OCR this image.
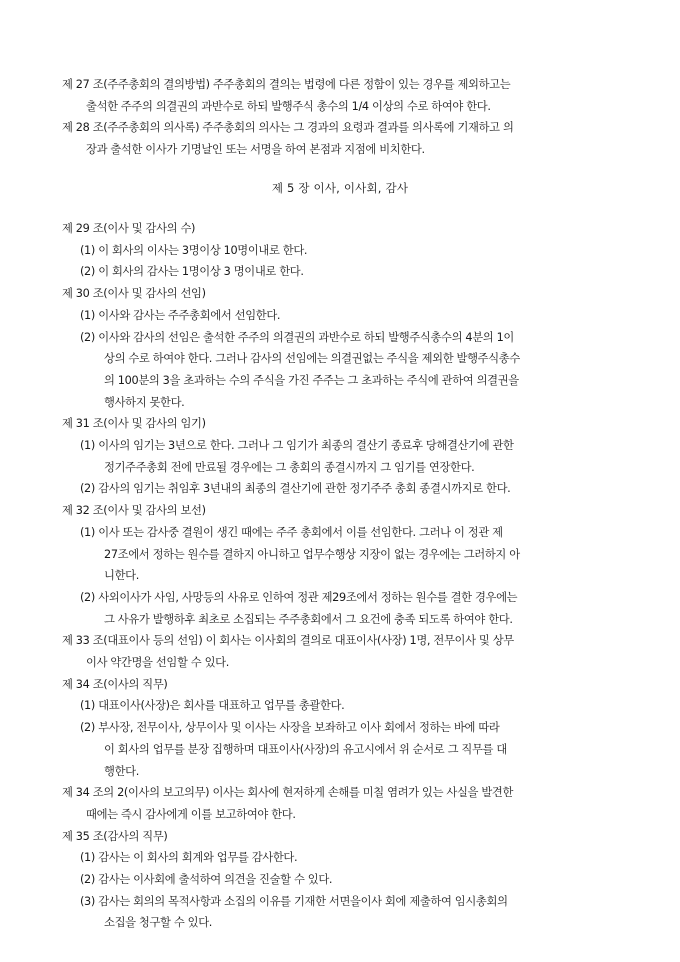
제 27 조(주주총회의 결의방법) 주주총회의 결의는 법령에 다른 정함이 있는 경우를 제외하고는
출석한 주주의 의결권의 과반수로 하되 발행주식 총수의 1/4 이상의 수로 하여야 한다.
제 28 조(주주총회의 의사록) 주주총회의 의사는 그 경과의 요령과 결과를 의사록에 기재하고 의
장과 출석한 이사가 기명날인 또는 서명을 하여 본점과 지점에 비치한다.
제 5 장 이사, 이사회, 감사
제 29 조(이사 및 감사의 수)
(1) 이 회사의 이사는 3명이상 10명이내로 한다.
(2) 이 회사의 감사는 1명이상 3 명이내로 한다.
제 30 조(이사 및 감사의 선임)
(1) 이사와 감사는 주주총회에서 선임한다.
(2) 이사와 감사의 선임은 출석한 주주의 의결권의 과반수로 하되 발행주식총수의 4분의 1이
상의 수로 하여야 한다. 그러나 감사의 선임에는 의결권없는 주식을 제외한 발행주식총수
의 100분의 3을 초과하는 수의 주식을 가진 주주는 그 초과하는 주식에 관하여 의결권을
행사하지 못한다.
제 31 조(이사 및 감사의 임기)
(1) 이사의 임기는 3년으로 한다. 그러나 그 임기가 최종의 결산기 종료후 당해결산기에 관한
정기주주총회 전에 만료될 경우에는 그 총회의 종결시까지 그 임기를 연장한다.
(2) 감사의 임기는 취임후 3년내의 최종의 결산기에 관한 정기주주 총회 종결시까지로 한다.
제 32 조(이사 및 감사의 보선)
(1) 이사 또는 감사중 결원이 생긴 때에는 주주 총회에서 이를 선임한다. 그러나 이 정관 제
27조에서 정하는 원수를 결하지 아니하고 업무수행상 지장이 없는 경우에는 그러하지 아
니한다.
(2) 사외이사가 사임, 사망등의 사유로 인하여 정관 제29조에서 정하는 원수를 결한 경우에는
그 사유가 발행하후 최초로 소집되는 주주총회에서 그 요건에 충족 되도록 하여야 한다.
제 33 조(대표이사 등의 선임) 이 회사는 이사회의 결의로 대표이사(사장) 1명, 전무이사 및 상무
이사 약간명을 선임할 수 있다.
제 34 조(이사의 직무)
(1) 대표이사(사장)은 회사를 대표하고 업무를 총괄한다.
(2) 부사장, 전무이사, 상무이사 및 이사는 사장을 보좌하고 이사 회에서 정하는 바에 따라
이 회사의 업무를 분장 집행하며 대표이사(사장)의 유고시에서 위 순서로 그 직무를 대
행한다.
제 34 조의 2(이사의 보고의무) 이사는 회사에 현저하게 손해를 미칠 염려가 있는 사실을 발견한
때에는 즉시 감사에게 이를 보고하여야 한다.
제 35 조(감사의 직무)
(1) 감사는 이 회사의 회계와 업무를 감사한다.
(2) 감사는 이사회에 출석하여 의견을 진술할 수 있다.
(3) 감사는 회의의 목적사항과 소집의 이유를 기재한 서면을이사 회에 제출하여 임시총회의
소집을 청구할 수 있다.
